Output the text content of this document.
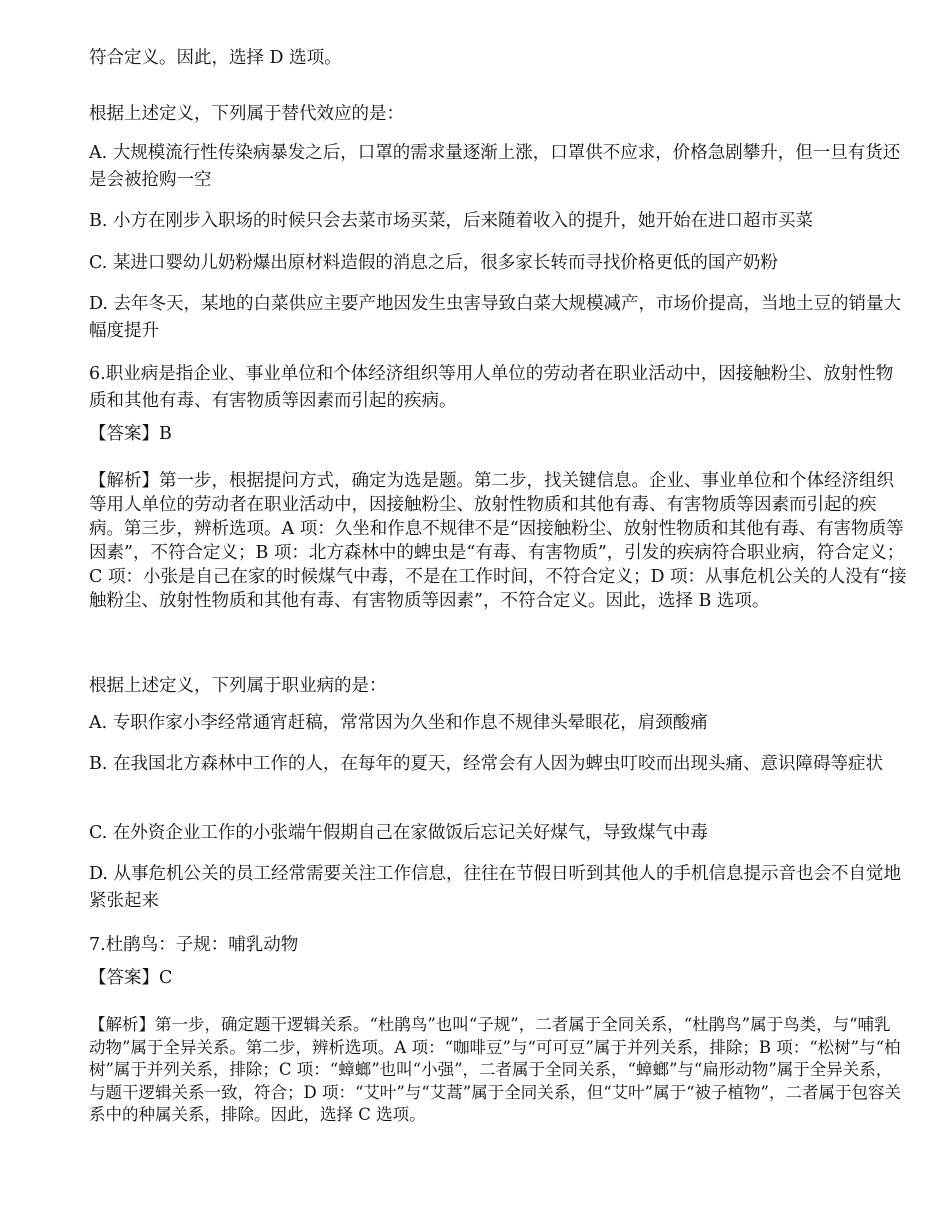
符合定义。因此，选择 D 选项。

根据上述定义，下列属于替代效应的是：

A. 大规模流行性传染病暴发之后，口罩的需求量逐渐上涨，口罩供不应求，价格急剧攀升，但一旦有货还是会被抢购一空

B. 小方在刚步入职场的时候只会去菜市场买菜，后来随着收入的提升，她开始在进口超市买菜

C. 某进口婴幼儿奶粉爆出原材料造假的消息之后，很多家长转而寻找价格更低的国产奶粉

D. 去年冬天，某地的白菜供应主要产地因发生虫害导致白菜大规模减产，市场价提高，当地土豆的销量大幅度提升

6.职业病是指企业、事业单位和个体经济组织等用人单位的劳动者在职业活动中，因接触粉尘、放射性物质和其他有毒、有害物质等因素而引起的疾病。

【答案】B

【解析】第一步，根据提问方式，确定为选是题。第二步，找关键信息。企业、事业单位和个体经济组织等用人单位的劳动者在职业活动中，因接触粉尘、放射性物质和其他有毒、有害物质等因素而引起的疾病。第三步，辨析选项。A 项：久坐和作息不规律不是“因接触粉尘、放射性物质和其他有毒、有害物质等因素”，不符合定义；B 项：北方森林中的蜱虫是“有毒、有害物质”，引发的疾病符合职业病，符合定义；C 项：小张是自己在家的时候煤气中毒，不是在工作时间，不符合定义；D 项：从事危机公关的人没有“接触粉尘、放射性物质和其他有毒、有害物质等因素”，不符合定义。因此，选择 B 选项。

根据上述定义，下列属于职业病的是：

A. 专职作家小李经常通宵赶稿，常常因为久坐和作息不规律头晕眼花，肩颈酸痛

B. 在我国北方森林中工作的人，在每年的夏天，经常会有人因为蜱虫叮咬而出现头痛、意识障碍等症状

C. 在外资企业工作的小张端午假期自己在家做饭后忘记关好煤气，导致煤气中毒

D. 从事危机公关的员工经常需要关注工作信息，往往在节假日听到其他人的手机信息提示音也会不自觉地紧张起来

7.杜鹃鸟：子规：哺乳动物

【答案】C

【解析】第一步，确定题干逻辑关系。“杜鹃鸟”也叫“子规”，二者属于全同关系，“杜鹃鸟”属于鸟类，与“哺乳动物”属于全异关系。第二步，辨析选项。A 项：“咖啡豆”与“可可豆”属于并列关系，排除；B 项：“松树”与“柏树”属于并列关系，排除；C 项：“蟑螂”也叫“小强”，二者属于全同关系，“蟑螂”与“扁形动物”属于全异关系，与题干逻辑关系一致，符合；D 项：“艾叶”与“艾蒿”属于全同关系，但“艾叶”属于“被子植物”，二者属于包容关系中的种属关系，排除。因此，选择 C 选项。
